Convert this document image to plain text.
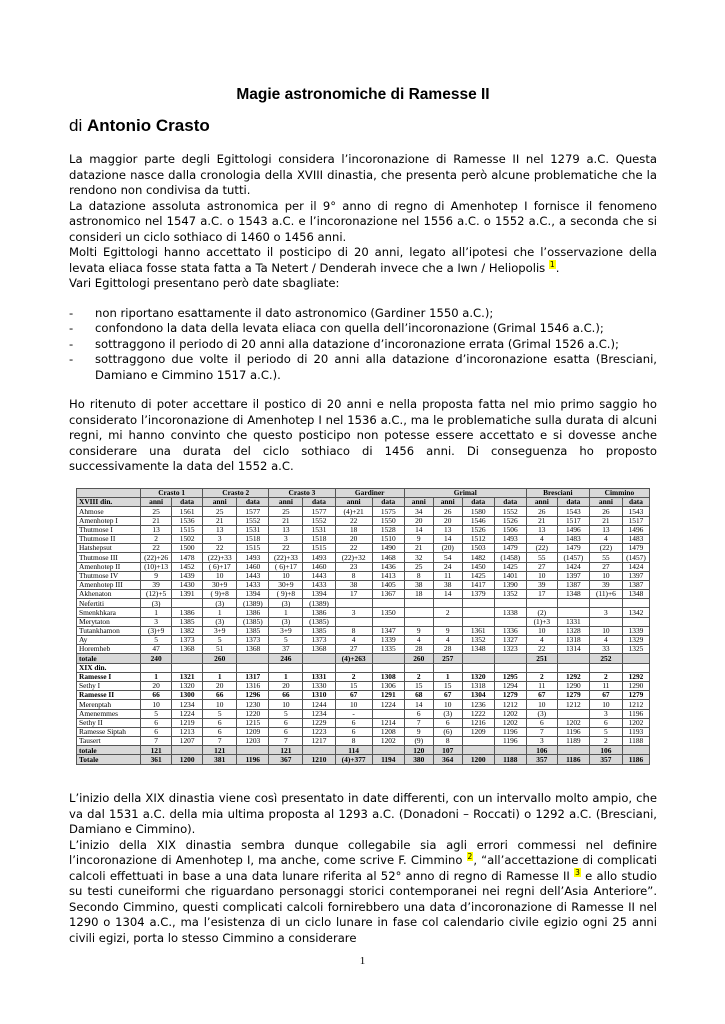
Magie astronomiche di Ramesse II
di Antonio Crasto

La maggior parte degli Egittologi considera l’incoronazione di Ramesse II nel 1279 a.C. Questa datazione nasce dalla cronologia della XVIII dinastia, che presenta però alcune problematiche che la rendono non condivisa da tutti.

La datazione assoluta astronomica per il 9° anno di regno di Amenhotep I fornisce il fenomeno astronomico nel 1547 a.C. o 1543 a.C. e l’incoronazione nel 1556 a.C. o 1552 a.C., a seconda che si consideri un ciclo sothiaco di 1460 o 1456 anni.

Molti Egittologi hanno accettato il posticipo di 20 anni, legato all’ipotesi che l’osservazione della levata eliaca fosse stata fatta a Ta Netert / Denderah invece che a Iwn / Heliopolis $^1$.

Vari Egittologi presentano però date sbagliate:

- non riportano esattamente il dato astronomico (Gardiner 1550 a.C.);
- confondono la data della levata eliaca con quella dell’incoronazione (Grimal 1546 a.C.);
- sottraggono il periodo di 20 anni alla datazione d’incoronazione errata (Grimal 1526 a.C.);
- sottraggono due volte il periodo di 20 anni alla datazione d’incoronazione esatta (Bresciani, Damiano e Cimmino 1517 a.C.).

Ho ritenuto di poter accettare il postico di 20 anni e nella proposta fatta nel mio primo saggio ho considerato l’incoronazione di Amenhotep I nel 1536 a.C., ma le problematiche sulla durata di alcuni regni, mi hanno convinto che questo posticipo non potesse essere accettato e si dovesse anche considerare una durata del ciclo sothiaco di 1456 anni. Di conseguenza ho proposto successivamente la data del 1552 a.C.

	Crasto 1		Crasto 2		Crasto 3		Gardiner		Grimal				Bresciani		Cimmino	
XVIII din.	anni	data	anni	data	anni	data	anni	data	anni	anni	data	data	anni	data	anni	data
Ahmose	25	1561	25	1577	25	1577	(4)+21	1575	34	26	1580	1552	26	1543	26	1543
Amenhotep I	21	1536	21	1552	21	1552	22	1550	20	20	1546	1526	21	1517	21	1517
Thutmose I	13	1515	13	1531	13	1531	18	1528	14	13	1526	1506	13	1496	13	1496
Thutmose II	2	1502	3	1518	3	1518	20	1510	9	14	1512	1493	4	1483	4	1483
Hatshepsut	22	1500	22	1515	22	1515	22	1490	21	(20)	1503	1479	(22)	1479	(22)	1479
Thutmose III	(22)+26	1478	(22)+33	1493	(22)+33	1493	(22)+32	1468	32	54	1482	(1458)	55	(1457)	55	(1457)
Amenhotep II	(10)+13	1452	( 6)+17	1460	( 6)+17	1460	23	1436	25	24	1450	1425	27	1424	27	1424
Thutmose IV	9	1439	10	1443	10	1443	8	1413	8	11	1425	1401	10	1397	10	1397
Amenhotep III	39	1430	30+9	1433	30+9	1433	38	1405	38	38	1417	1390	39	1387	39	1387
Akhenaton	(12)+5	1391	( 9)+8	1394	( 9)+8	1394	17	1367	18	14	1379	1352	17	1348	(11)+6	1348
Nefertiti	(3)		(3)	(1389)	(3)	(1389)										
Smenkhkara	1	1386	1	1386	1	1386	3	1350		2		1338	(2)		3	1342
Merytaton	3	1385	(3)	(1385)	(3)	(1385)							(1)+3	1331		
Tutankhamon	(3)+9	1382	3+9	1385	3+9	1385	8	1347	9	9	1361	1336	10	1328	10	1339
Ay	5	1373	5	1373	5	1373	4	1339	4	4	1352	1327	4	1318	4	1329
Horemheb	47	1368	51	1368	37	1368	27	1335	28	28	1348	1323	22	1314	33	1325
totale	240		260		246		(4)+263		260	257			251		252	
XIX din.																
Ramesse I	1	1321	1	1317	1	1331	2	1308	2	1	1320	1295	2	1292	2	1292
Sethy I	20	1320	20	1316	20	1330	15	1306	15	15	1318	1294	11	1290	11	1290
Ramesse II	66	1300	66	1296	66	1310	67	1291	68	67	1304	1279	67	1279	67	1279
Merenptah	10	1234	10	1230	10	1244	10	1224	14	10	1236	1212	10	1212	10	1212
Amenemmes	5	1224	5	1220	5	1234	-		6	(3)	1222	1202	(3)		3	1196
Sethy II	6	1219	6	1215	6	1229	6	1214	7	6	1216	1202	6	1202	6	1202
Ramesse Siptah	6	1213	6	1209	6	1223	6	1208	9	(6)	1209	1196	7	1196	5	1193
Tausert	7	1207	7	1203	7	1217	8	1202	(9)	8		1196	3	1189	2	1188
totale	121		121		121		114		120	107			106		106	
Totale	361	1200	381	1196	367	1210	(4)+377	1194	380	364	1200	1188	357	1186	357	1186

L’inizio della XIX dinastia viene così presentato in date differenti, con un intervallo molto ampio, che va dal 1531 a.C. della mia ultima proposta al 1293 a.C. (Donadoni – Roccati) o 1292 a.C. (Bresciani, Damiano e Cimmino).

L’inizio della XIX dinastia sembra dunque collegabile sia agli errori commessi nel definire l’incoronazione di Amenhotep I, ma anche, come scrive F. Cimmino $^2$, “all’accettazione di complicati calcoli effettuati in base a una data lunare riferita al 52° anno di regno di Ramesse II $^3$ e allo studio su testi cuneiformi che riguardano personaggi storici contemporanei nei regni dell’Asia Anteriore”. Secondo Cimmino, questi complicati calcoli fornirebbero una data d’incoronazione di Ramesse II nel 1290 o 1304 a.C., ma l’esistenza di un ciclo lunare in fase col calendario civile egizio ogni 25 anni civili egizi, porta lo stesso Cimmino a considerare

1
